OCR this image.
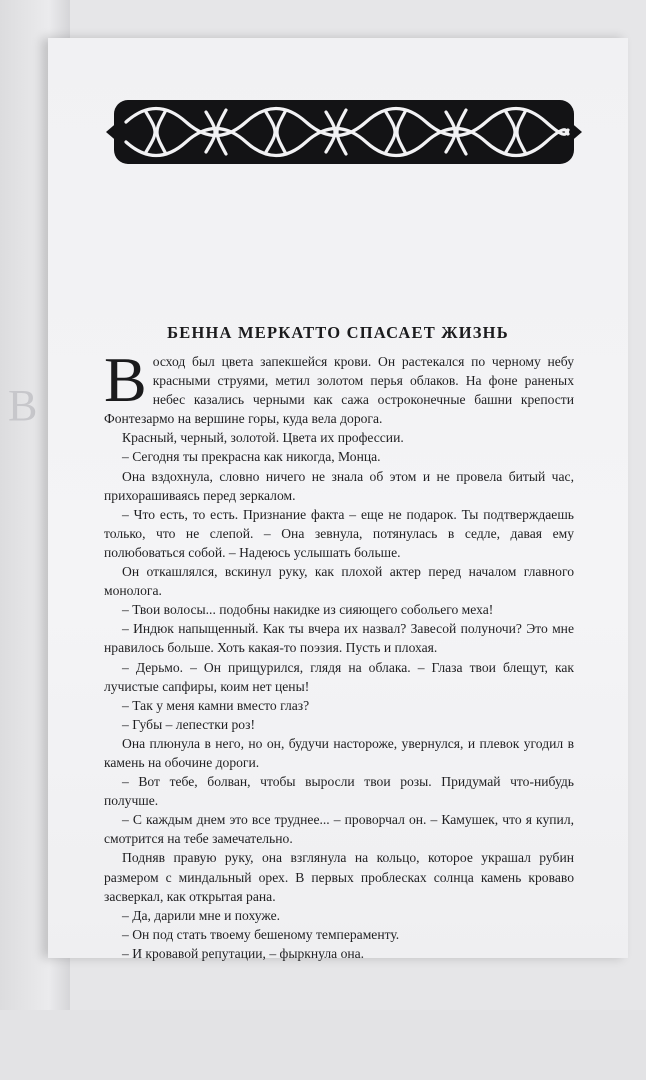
В
БЕННА МЕРКАТТО СПАСАЕТ ЖИЗНЬ

Восход был цвета запекшейся крови. Он растекался по черному небу красными струями, метил золотом перья облаков. На фоне раненых небес казались черными как сажа остроконечные башни крепости Фонтезармо на вершине горы, куда вела дорога.

Красный, черный, золотой. Цвета их профессии.

– Сегодня ты прекрасна как никогда, Монца.

Она вздохнула, словно ничего не знала об этом и не провела битый час, прихорашиваясь перед зеркалом.

– Что есть, то есть. Признание факта – еще не подарок. Ты подтверждаешь только, что не слепой. – Она зевнула, потянулась в седле, давая ему полюбоваться собой. – Надеюсь услышать больше.

Он откашлялся, вскинул руку, как плохой актер перед началом главного монолога.

– Твои волосы... подобны накидке из сияющего собольего меха!

– Индюк напыщенный. Как ты вчера их назвал? Завесой полуночи? Это мне нравилось больше. Хоть какая-то поэзия. Пусть и плохая.

– Дерьмо. – Он прищурился, глядя на облака. – Глаза твои блещут, как лучистые сапфиры, коим нет цены!

– Так у меня камни вместо глаз?

– Губы – лепестки роз!

Она плюнула в него, но он, будучи настороже, увернулся, и плевок угодил в камень на обочине дороги.

– Вот тебе, болван, чтобы выросли твои розы. Придумай что-нибудь получше.

– С каждым днем это все труднее... – проворчал он. – Камушек, что я купил, смотрится на тебе замечательно.

Подняв правую руку, она взглянула на кольцо, которое украшал рубин размером с миндальный орех. В первых проблесках солнца камень кроваво засверкал, как открытая рана.

– Да, дарили мне и похуже.

– Он под стать твоему бешеному темпераменту.

– И кровавой репутации, – фыркнула она.
